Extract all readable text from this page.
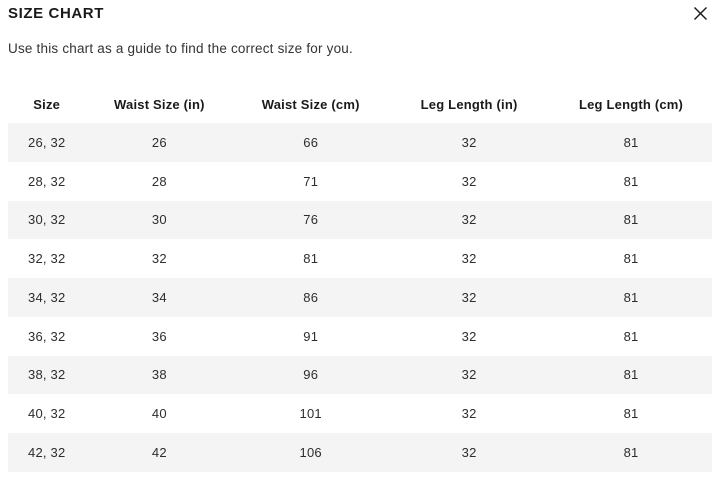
SIZE CHART

Use this chart as a guide to find the correct size for you.

Size	Waist Size (in)	Waist Size (cm)	Leg Length (in)	Leg Length (cm)
26, 32	26	66	32	81
28, 32	28	71	32	81
30, 32	30	76	32	81
32, 32	32	81	32	81
34, 32	34	86	32	81
36, 32	36	91	32	81
38, 32	38	96	32	81
40, 32	40	101	32	81
42, 32	42	106	32	81
